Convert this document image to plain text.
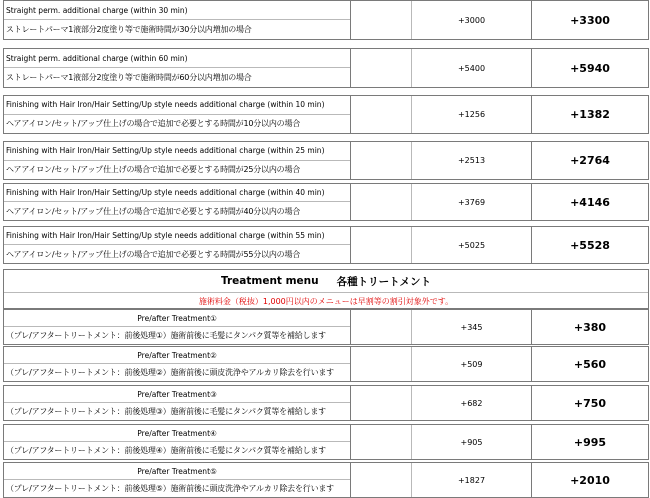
Straight perm. additional charge (within 30 min)
ストレートパーマ1液部分2度塗り等で施術時間が30分以内増加の場合
+3000	+3300
Straight perm. additional charge (within 60 min)
ストレートパーマ1液部分2度塗り等で施術時間が60分以内増加の場合
+5400	+5940
Finishing with Hair Iron/Hair Setting/Up style needs additional charge (within 10 min)
ヘアアイロン/セット/アップ仕上げの場合で追加で必要とする時間が10分以内の場合
+1256	+1382
Finishing with Hair Iron/Hair Setting/Up style needs additional charge (within 25 min)
ヘアアイロン/セット/アップ仕上げの場合で追加で必要とする時間が25分以内の場合
+2513	+2764
Finishing with Hair Iron/Hair Setting/Up style needs additional charge (within 40 min)
ヘアアイロン/セット/アップ仕上げの場合で追加で必要とする時間が40分以内の場合
+3769	+4146
Finishing with Hair Iron/Hair Setting/Up style needs additional charge (within 55 min)
ヘアアイロン/セット/アップ仕上げの場合で追加で必要とする時間が55分以内の場合
+5025	+5528
Treatment menu 各種トリートメント
施術料金（税抜）1,000円以内のメニューは早割等の割引対象外です。
Pre/after Treatment①
（プレ/アフタートリートメント：前後処理①）施術前後に毛髪にタンパク質等を補給します
+345	+380
Pre/after Treatment②
（プレ/アフタートリートメント：前後処理②）施術前後に頭皮洗浄やアルカリ除去を行います
+509	+560
Pre/after Treatment③
（プレ/アフタートリートメント：前後処理③）施術前後に毛髪にタンパク質等を補給します
+682	+750
Pre/after Treatment④
（プレ/アフタートリートメント：前後処理④）施術前後に毛髪にタンパク質等を補給します
+905	+995
Pre/after Treatment⑤
（プレ/アフタートリートメント：前後処理⑤）施術前後に頭皮洗浄やアルカリ除去を行います
+1827	+2010
